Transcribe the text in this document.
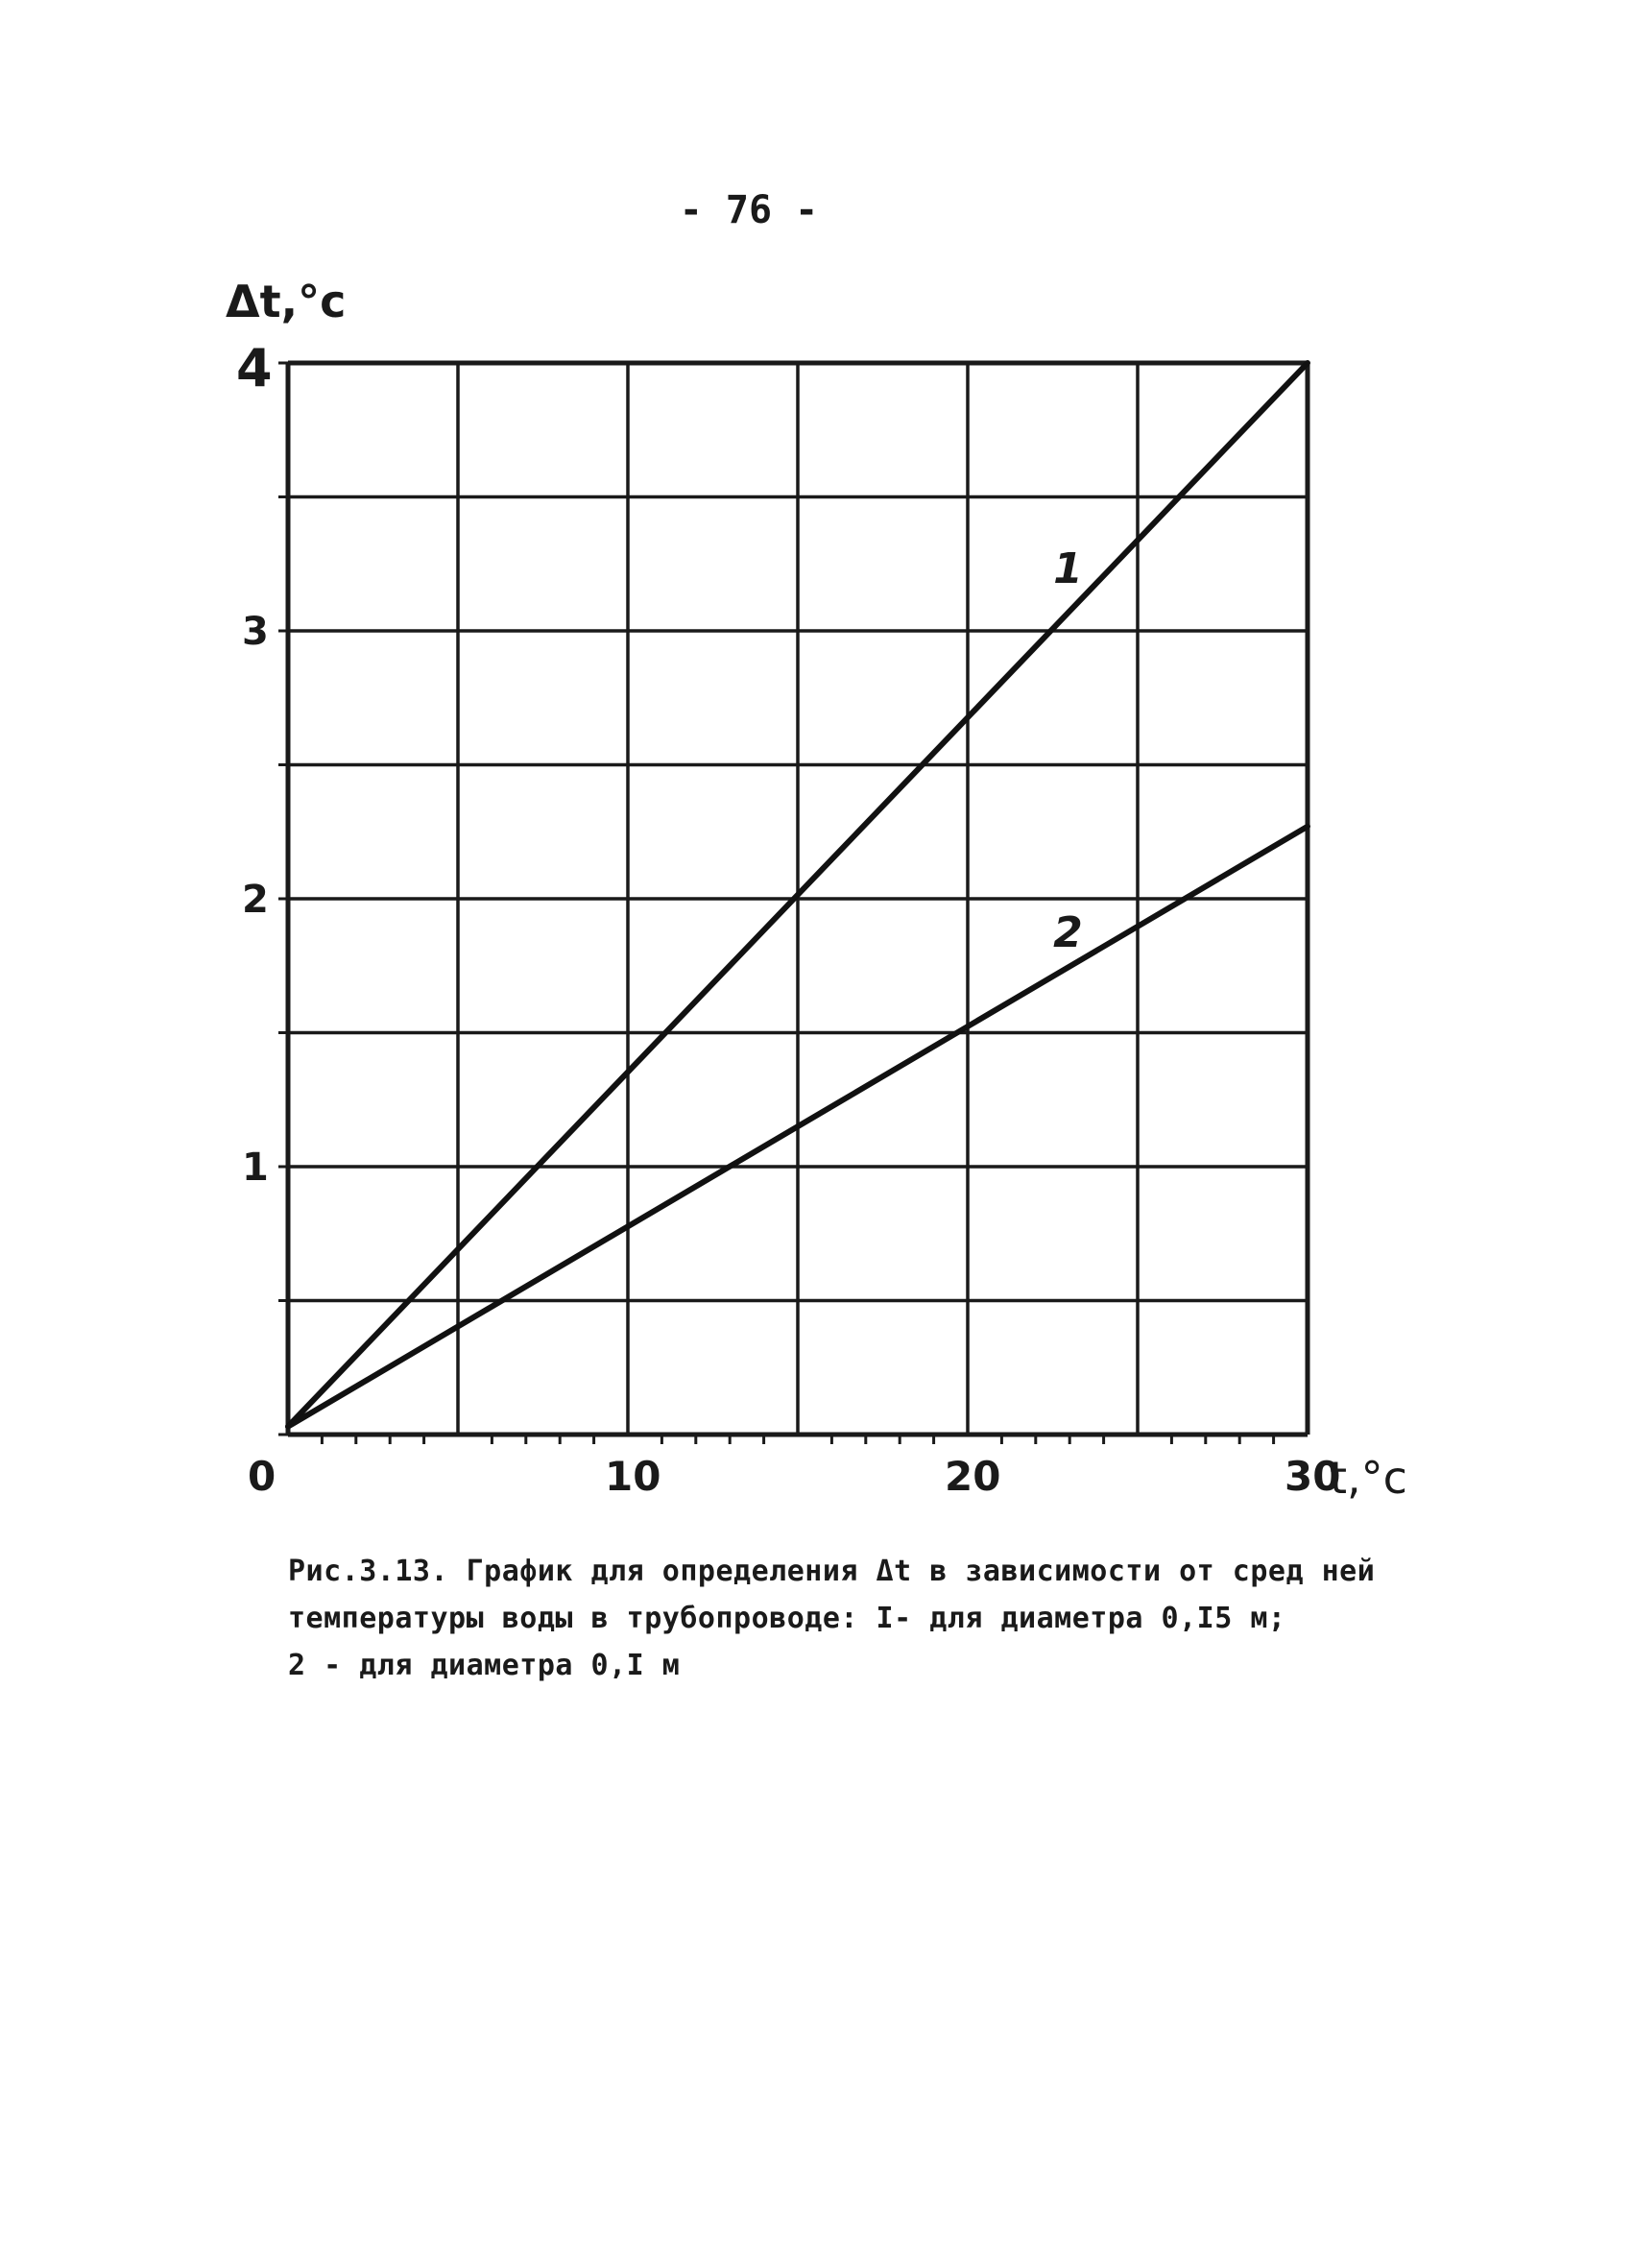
- 76 -
1
2
0	10	20	30
1
2
3
4
Δt,°c
t,°c
Рис.3.13. График для определения Δt в зависимости от сред ней
температуры воды в трубопроводе: I- для диаметра 0,I5 м;
2 - для диаметра 0,I м
